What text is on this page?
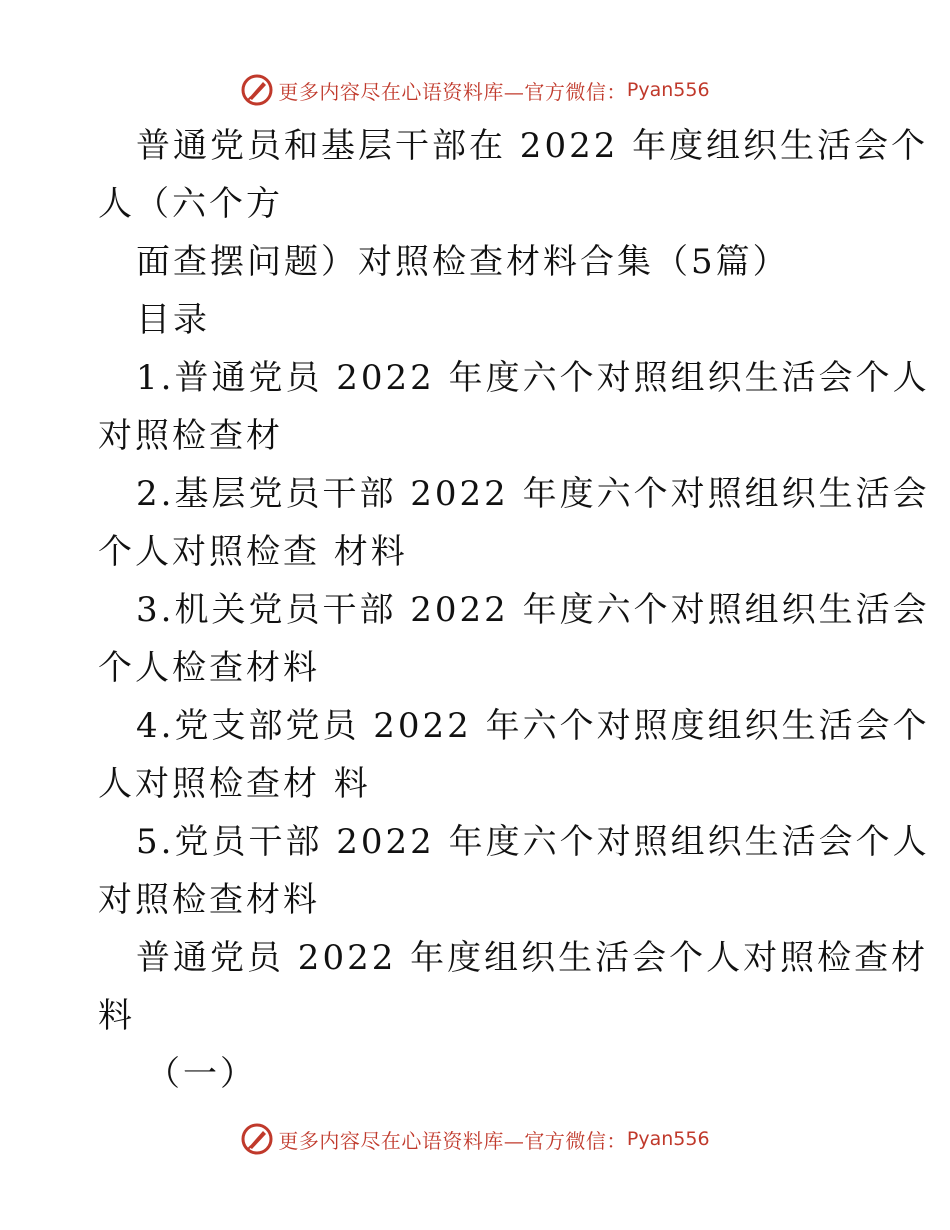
更多内容尽在心语资料库—官方微信： Pyan556
普通党员和基层干部在 2022 年度组织生活会个
人（六个方
面查摆问题）对照检查材料合集（5篇）
目录
1.普通党员 2022 年度六个对照组织生活会个人
对照检查材
2.基层党员干部 2022 年度六个对照组织生活会
个人对照检查 材料
3.机关党员干部 2022 年度六个对照组织生活会
个人检查材料
4.党支部党员 2022 年六个对照度组织生活会个
人对照检查材 料
5.党员干部 2022 年度六个对照组织生活会个人
对照检查材料
普通党员 2022 年度组织生活会个人对照检查材
料
（一）
更多内容尽在心语资料库—官方微信： Pyan556
